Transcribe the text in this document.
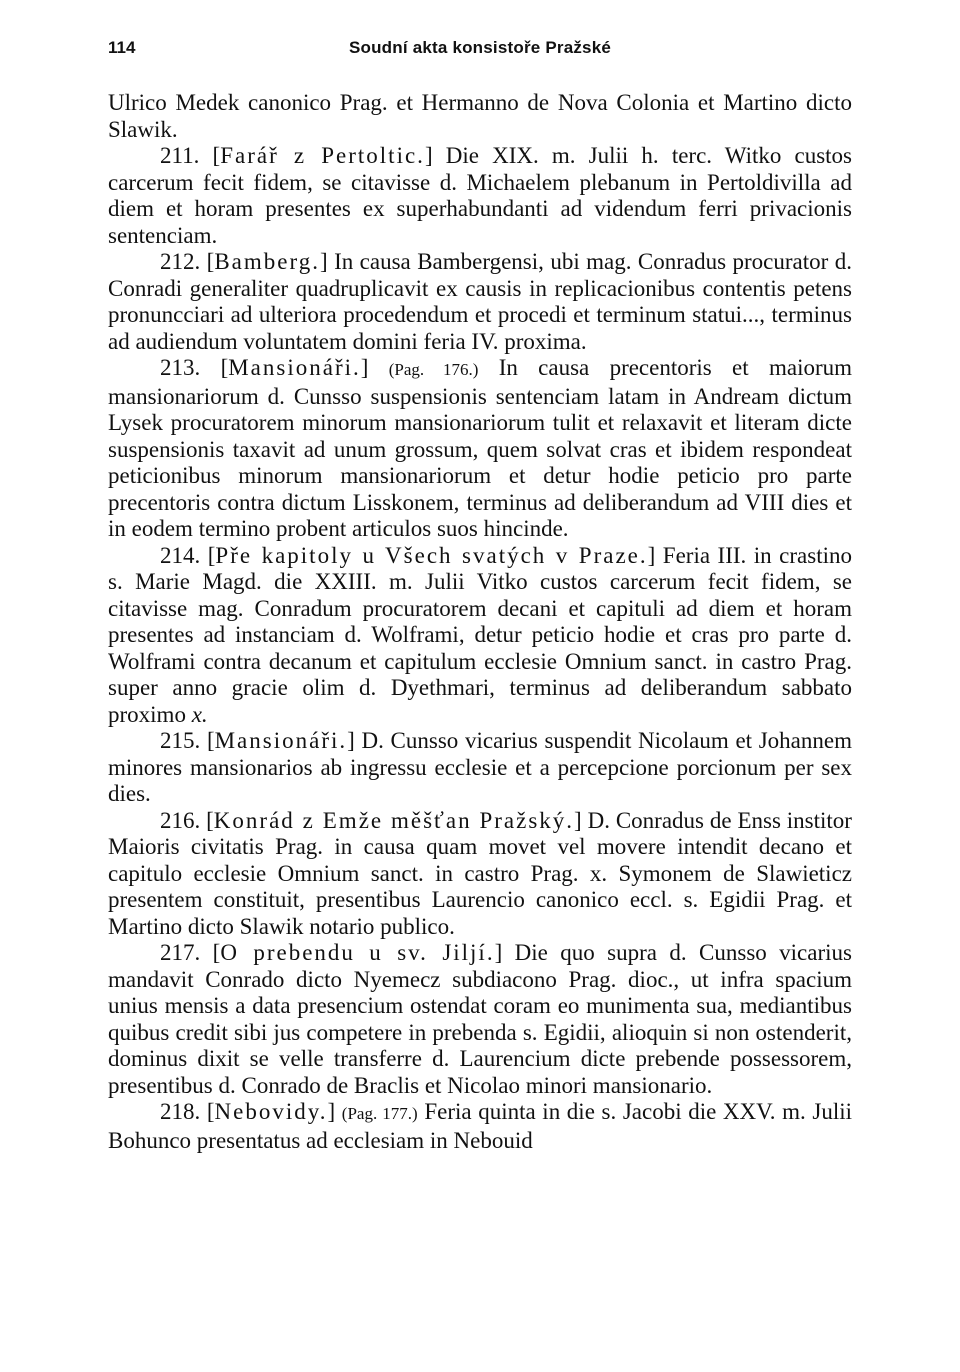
114	Soudní akta konsistoře Pražské

Ulrico Medek canonico Prag. et Hermanno de Nova Colonia et Martino dicto Slawik.

211. [Farář z Pertoltic.] Die XIX. m. Julii h. terc. Witko custos carcerum fecit fidem, se citavisse d. Michaelem plebanum in Pertoldivilla ad diem et horam presentes ex superhabundanti ad videndum ferri privacionis sentenciam.

212. [Bamberg.] In causa Bambergensi, ubi mag. Conradus procurator d. Conradi generaliter quadruplicavit ex causis in replicacionibus contentis petens pronuncciari ad ulteriora procedendum et procedi et terminum statui..., terminus ad audiendum voluntatem domini feria IV. proxima.

213. [Mansionáři.] (Pag. 176.) In causa precentoris et maiorum mansionariorum d. Cunsso suspensionis sentenciam latam in Andream dictum Lysek procuratorem minorum mansionariorum tulit et relaxavit et literam dicte suspensionis taxavit ad unum grossum, quem solvat cras et ibidem respondeat peticionibus minorum mansionariorum et detur hodie peticio pro parte precentoris contra dictum Lisskonem, terminus ad deliberandum ad VIII dies et in eodem termino probent articulos suos hincinde.

214. [Pře kapitoly u Všech svatých v Praze.] Feria III. in crastino s. Marie Magd. die XXIII. m. Julii Vitko custos carcerum fecit fidem, se citavisse mag. Conradum procuratorem decani et capituli ad diem et horam presentes ad instanciam d. Wolframi, detur peticio hodie et cras pro parte d. Wolframi contra decanum et capitulum ecclesie Omnium sanct. in castro Prag. super anno gracie olim d. Dyethmari, terminus ad deliberandum sabbato proximo x.

215. [Mansionáři.] D. Cunsso vicarius suspendit Nicolaum et Johannem minores mansionarios ab ingressu ecclesie et a percepcione porcionum per sex dies.

216. [Konrád z Emže měšťan Pražský.] D. Conradus de Enss institor Maioris civitatis Prag. in causa quam movet vel movere intendit decano et capitulo ecclesie Omnium sanct. in castro Prag. x. Symonem de Slawieticz presentem constituit, presentibus Laurencio canonico eccl. s. Egidii Prag. et Martino dicto Slawik notario publico.

217. [O prebendu u sv. Jiljí.] Die quo supra d. Cunsso vicarius mandavit Conrado dicto Nyemecz subdiacono Prag. dioc., ut infra spacium unius mensis a data presencium ostendat coram eo munimenta sua, mediantibus quibus credit sibi jus competere in prebenda s. Egidii, alioquin si non ostenderit, dominus dixit se velle transferre d. Laurencium dicte prebende possessorem, presentibus d. Conrado de Braclis et Nicolao minori mansionario.

218. [Nebovidy.] (Pag. 177.) Feria quinta in die s. Jacobi die XXV. m. Julii Bohunco presentatus ad ecclesiam in Nebouid
